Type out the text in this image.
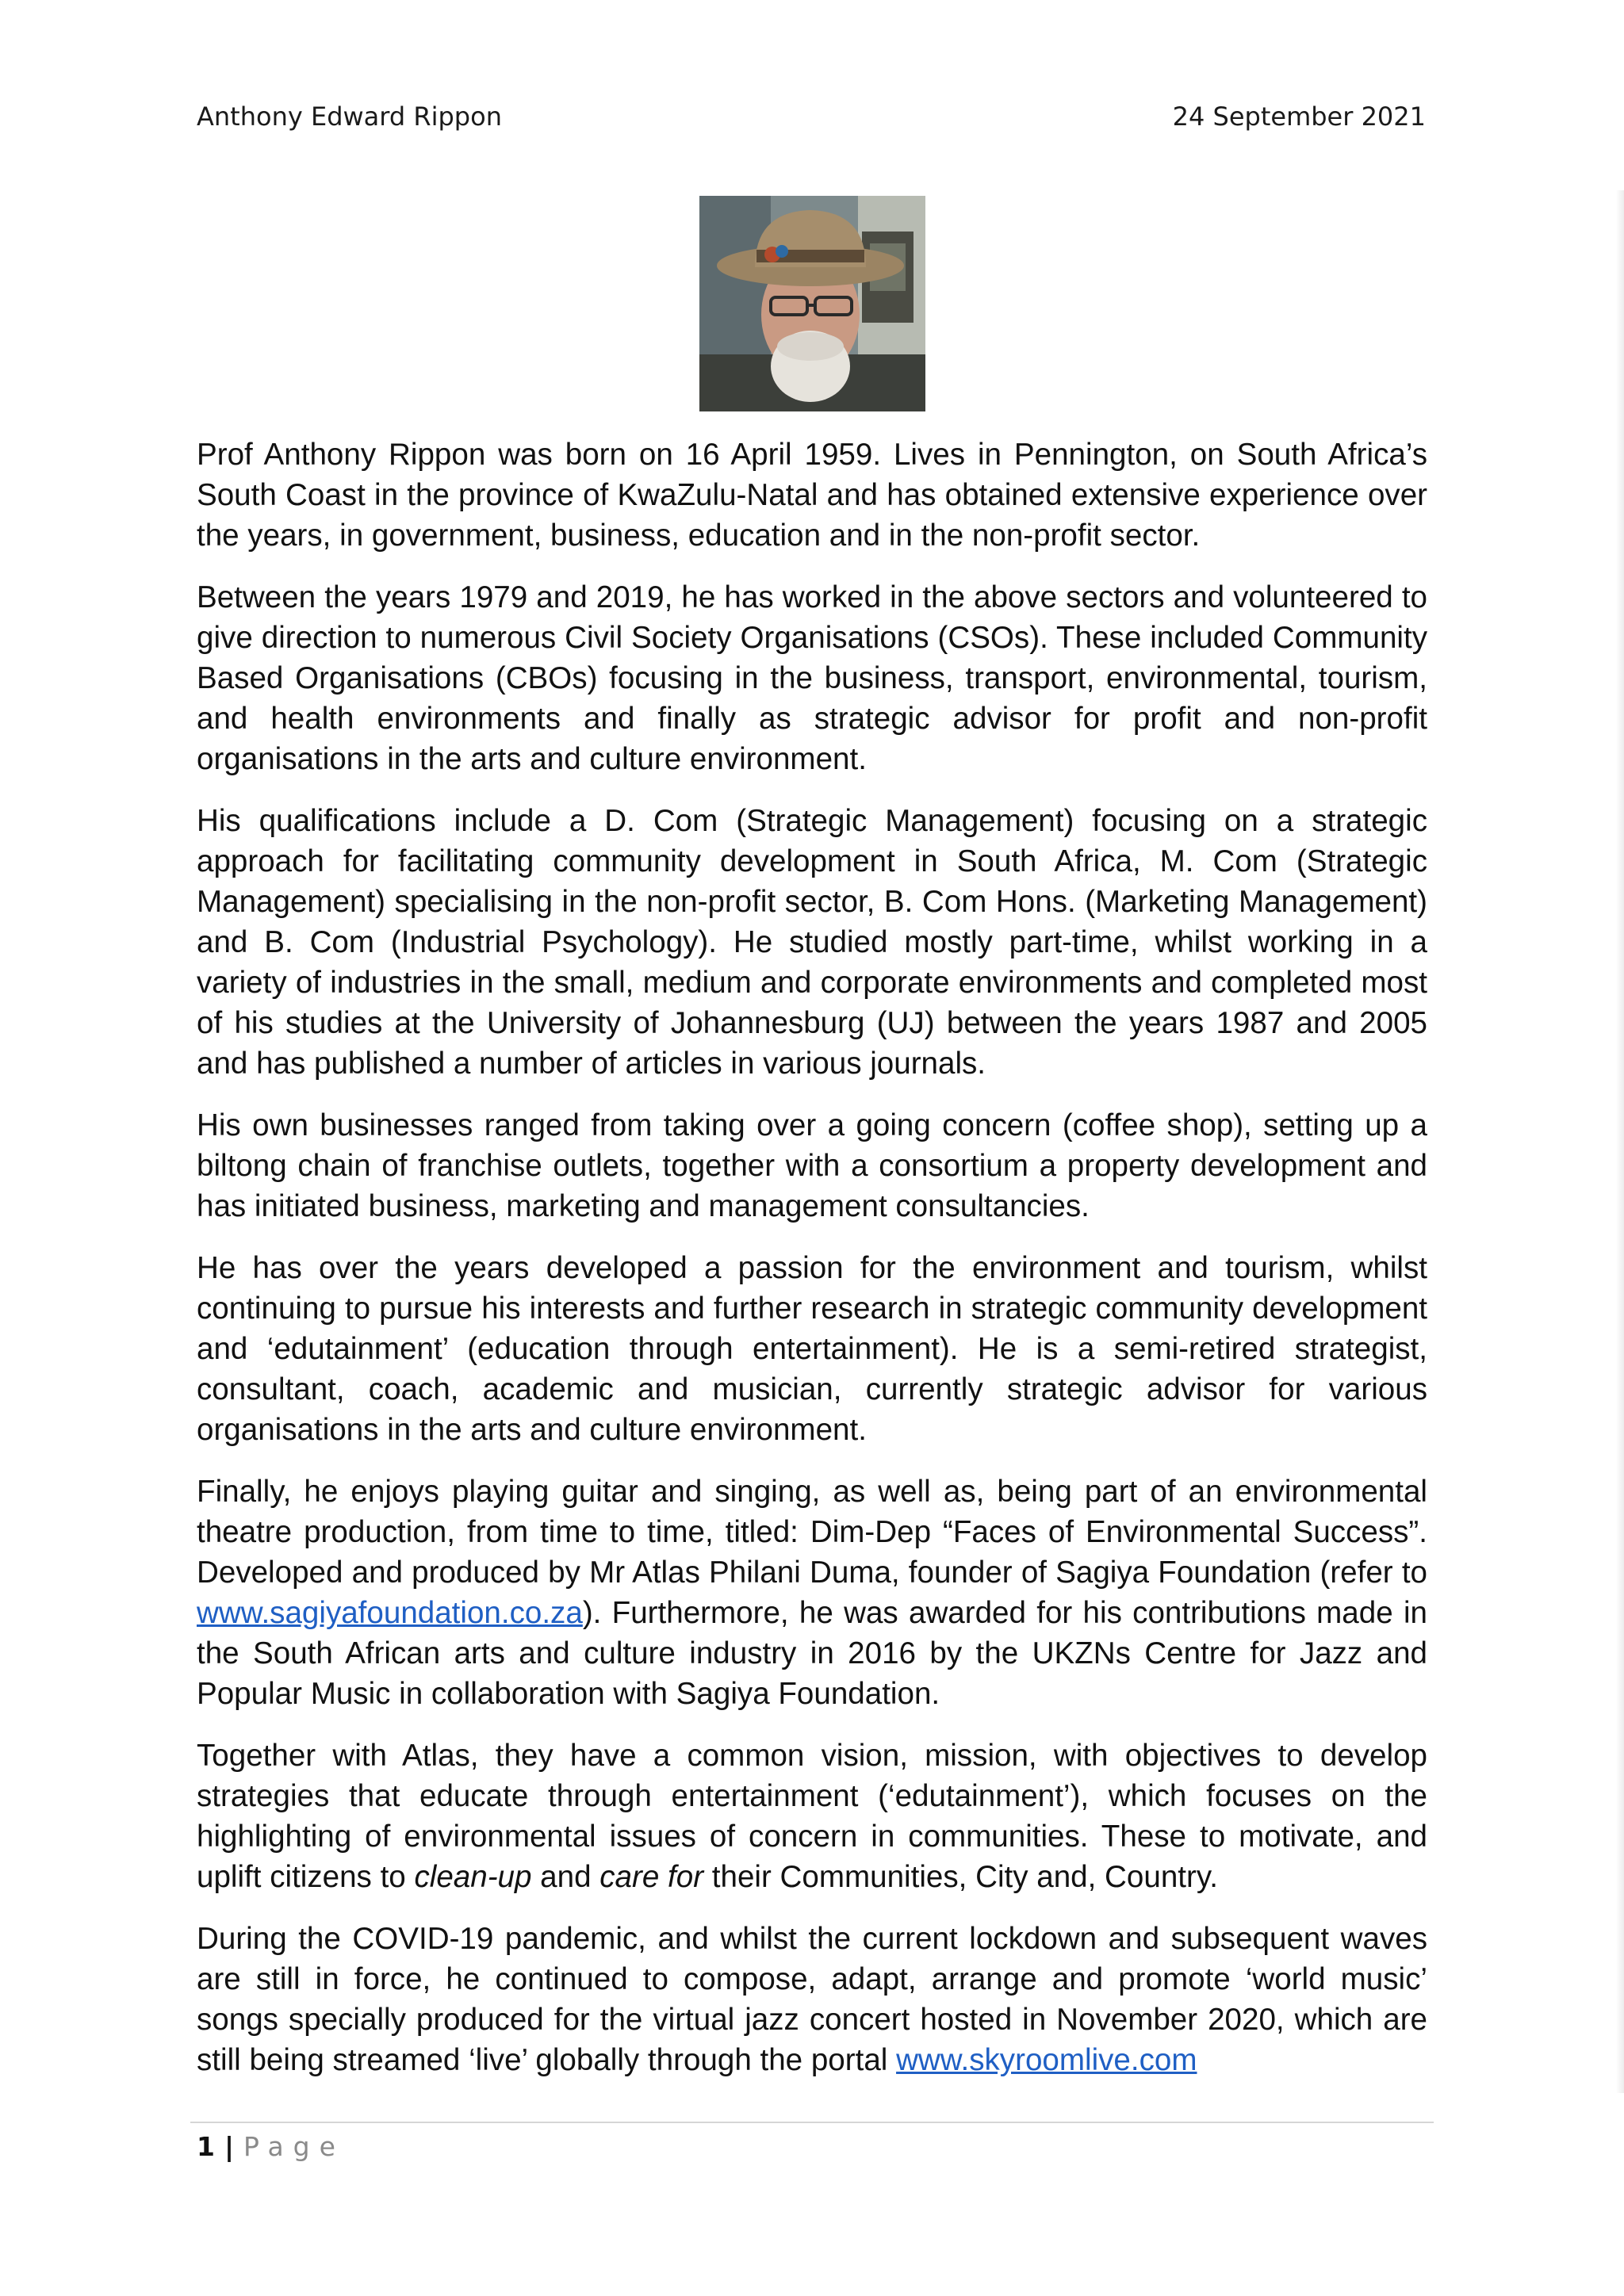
Anthony Edward Rippon	24 September 2021

Prof Anthony Rippon was born on 16 April 1959. Lives in Pennington, on South Africa’s South Coast in the province of KwaZulu-Natal and has obtained extensive experience over the years, in government, business, education and in the non-profit sector.

Between the years 1979 and 2019, he has worked in the above sectors and volunteered to give direction to numerous Civil Society Organisations (CSOs). These included Community Based Organisations (CBOs) focusing in the business, transport, environmental, tourism, and health environments and finally as strategic advisor for profit and non-profit organisations in the arts and culture environment.

His qualifications include a D. Com (Strategic Management) focusing on a strategic approach for facilitating community development in South Africa, M. Com (Strategic Management) specialising in the non-profit sector, B. Com Hons. (Marketing Management) and B. Com (Industrial Psychology). He studied mostly part-time, whilst working in a variety of industries in the small, medium and corporate environments and completed most of his studies at the University of Johannesburg (UJ) between the years 1987 and 2005 and has published a number of articles in various journals.

His own businesses ranged from taking over a going concern (coffee shop), setting up a biltong chain of franchise outlets, together with a consortium a property development and has initiated business, marketing and management consultancies.

He has over the years developed a passion for the environment and tourism, whilst continuing to pursue his interests and further research in strategic community development and ‘edutainment’ (education through entertainment). He is a semi-retired strategist, consultant, coach, academic and musician, currently strategic advisor for various organisations in the arts and culture environment.

Finally, he enjoys playing guitar and singing, as well as, being part of an environmental theatre production, from time to time, titled: Dim-Dep “Faces of Environmental Success”. Developed and produced by Mr Atlas Philani Duma, founder of Sagiya Foundation (refer to www.sagiyafoundation.co.za). Furthermore, he was awarded for his contributions made in the South African arts and culture industry in 2016 by the UKZNs Centre for Jazz and Popular Music in collaboration with Sagiya Foundation.

Together with Atlas, they have a common vision, mission, with objectives to develop strategies that educate through entertainment (‘edutainment’), which focuses on the highlighting of environmental issues of concern in communities. These to motivate, and uplift citizens to clean-up and care for their Communities, City and, Country.

During the COVID-19 pandemic, and whilst the current lockdown and subsequent waves are still in force, he continued to compose, adapt, arrange and promote ‘world music’ songs specially produced for the virtual jazz concert hosted in November 2020, which are still being streamed ‘live’ globally through the portal www.skyroomlive.com

1 | Page
